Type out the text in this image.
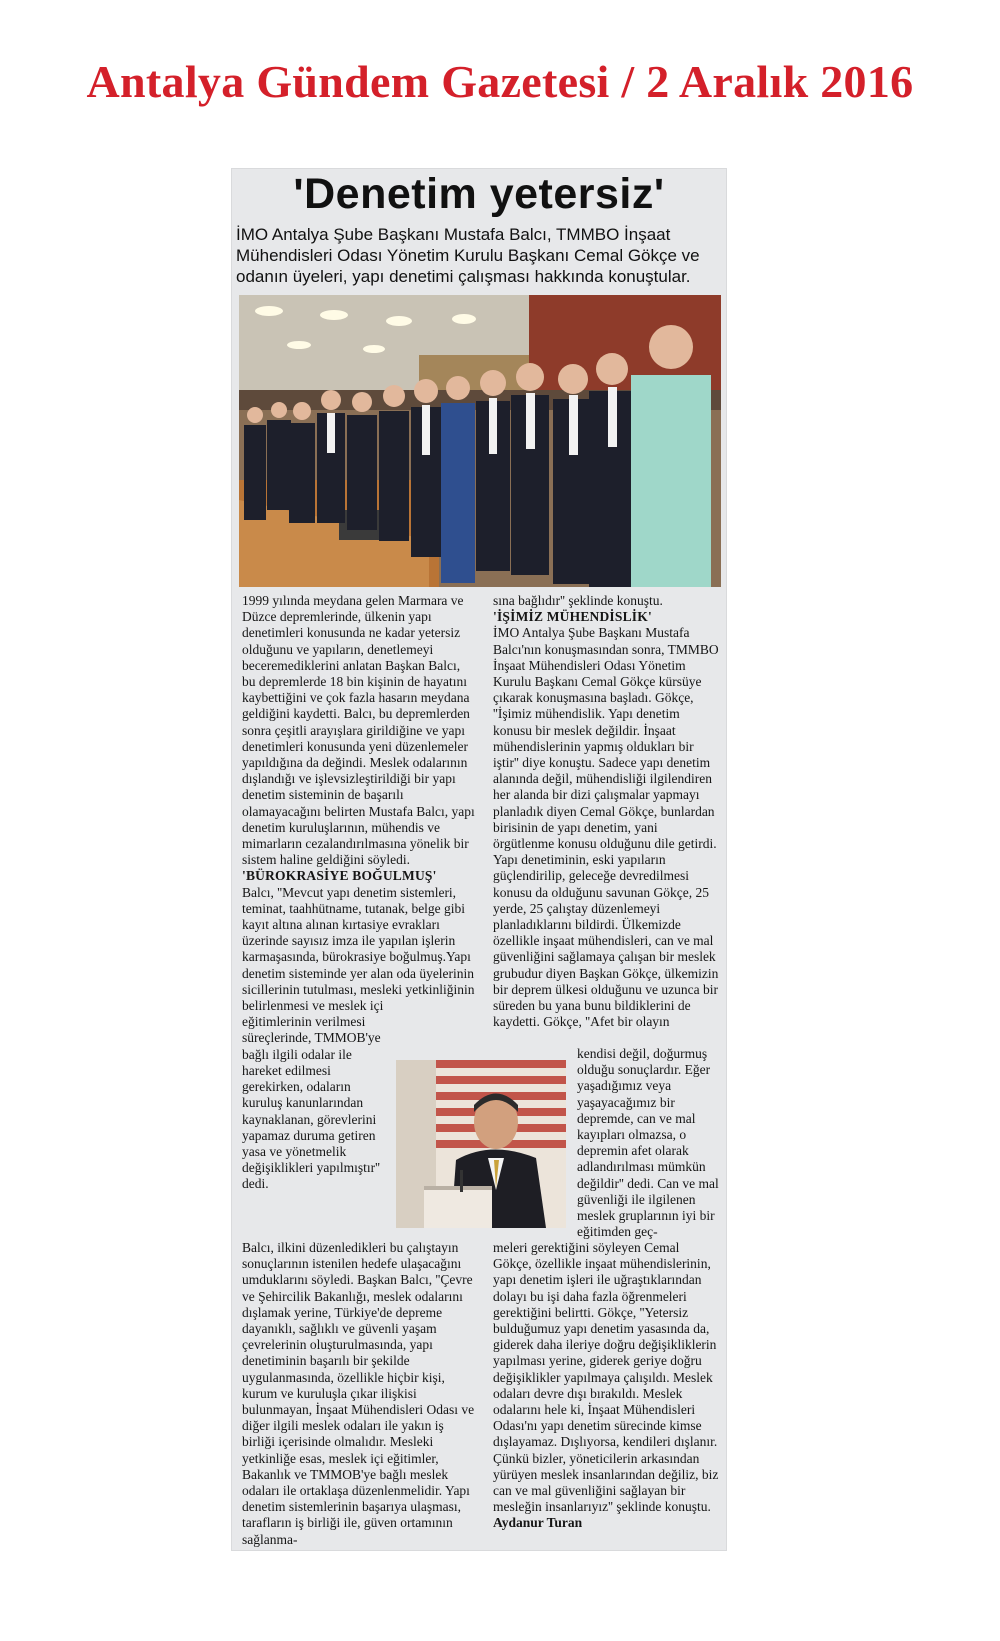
Antalya Gündem Gazetesi / 2 Aralık 2016
'Denetim yetersiz'
İMO Antalya Şube Başkanı Mustafa Balcı, TMMBO İnşaat Mühendisleri Odası Yönetim Kurulu Başkanı Cemal Gökçe ve odanın üyeleri, yapı denetimi çalışması hakkında konuştular.

1999 yılında meydana gelen Marmara ve Düzce depremlerinde, ülkenin yapı denetimleri konusunda ne kadar yetersiz olduğunu ve yapıların, denetlemeyi beceremediklerini anlatan Başkan Balcı, bu depremlerde 18 bin kişinin de hayatını kaybettiğini ve çok fazla hasarın meydana geldiğini kaydetti. Balcı, bu depremlerden sonra çeşitli arayışlara girildiğine ve yapı denetimleri konusunda yeni düzenlemeler yapıldığına da değindi. Meslek odalarının dışlandığı ve işlevsizleştirildiği bir yapı denetim sisteminin de başarılı olamayacağını belirten Mustafa Balcı, yapı denetim kuruluşlarının, mühendis ve mimarların cezalandırılmasına yönelik bir sistem haline geldiğini söyledi.

'BÜROKRASİYE BOĞULMUŞ'

Balcı, ''Mevcut yapı denetim sistemleri, teminat, taahhütname, tutanak, belge gibi kayıt altına alınan kırtasiye evrakları üzerinde sayısız imza ile yapılan işlerin karmaşasında, bürokrasiye boğulmuş.Yapı denetim sisteminde yer alan oda üyelerinin sicillerinin tutulması, mesleki yetkinliğinin belirlenmesi ve meslek içi

eğitimlerinin verilmesi süreçlerinde, TMMOB'ye bağlı ilgili odalar ile hareket edilmesi gerekirken, odaların kuruluş kanunlarından kaynaklanan, görevlerini yapamaz duruma getiren yasa ve yönetmelik değişiklikleri yapılmıştır'' dedi.

Balcı, ilkini düzenledikleri bu çalıştayın sonuçlarının istenilen hedefe ulaşacağını umduklarını söyledi. Başkan Balcı, ''Çevre ve Şehircilik Bakanlığı, meslek odalarını dışlamak yerine, Türkiye'de depreme dayanıklı, sağlıklı ve güvenli yaşam çevrelerinin oluşturulmasında, yapı denetiminin başarılı bir şekilde uygulanmasında, özellikle hiçbir kişi, kurum ve kuruluşla çıkar ilişkisi bulunmayan, İnşaat Mühendisleri Odası ve diğer ilgili meslek odaları ile yakın iş birliği içerisinde olmalıdır. Mesleki yetkinliğe esas, meslek içi eğitimler, Bakanlık ve TMMOB'ye bağlı meslek odaları ile ortaklaşa düzenlenmelidir. Yapı denetim sistemlerinin başarıya ulaşması, tarafların iş birliği ile, güven ortamının sağlanma-

sına bağlıdır'' şeklinde konuştu.

'İŞİMİZ MÜHENDİSLİK'

İMO Antalya Şube Başkanı Mustafa Balcı'nın konuşmasından sonra, TMMBO İnşaat Mühendisleri Odası Yönetim Kurulu Başkanı Cemal Gökçe kürsüye çıkarak konuşmasına başladı. Gökçe, ''İşimiz mühendislik. Yapı denetim konusu bir meslek değildir. İnşaat mühendislerinin yapmış oldukları bir iştir'' diye konuştu. Sadece yapı denetim alanında değil, mühendisliği ilgilendiren her alanda bir dizi çalışmalar yapmayı planladık diyen Cemal Gökçe, bunlardan birisinin de yapı denetim, yani örgütlenme konusu olduğunu dile getirdi. Yapı denetiminin, eski yapıların güçlendirilip, geleceğe devredilmesi konusu da olduğunu savunan Gökçe, 25 yerde, 25 çalıştay düzenlemeyi planladıklarını bildirdi. Ülkemizde özellikle inşaat mühendisleri, can ve mal güvenliğini sağlamaya çalışan bir meslek grubudur diyen Başkan Gökçe, ülkemizin bir deprem ülkesi olduğunu ve uzunca bir süreden bu yana bunu bildiklerini de kaydetti. Gökçe, ''Afet bir olayın

kendisi değil, doğurmuş olduğu sonuçlardır. Eğer yaşadığımız veya yaşayacağımız bir depremde, can ve mal kayıpları olmazsa, o depremin afet olarak adlandırılması mümkün değildir'' dedi. Can ve mal güvenliği ile ilgilenen meslek gruplarının iyi bir eğitimden geç-

meleri gerektiğini söyleyen Cemal Gökçe, özellikle inşaat mühendislerinin, yapı denetim işleri ile uğraştıklarından dolayı bu işi daha fazla öğrenmeleri gerektiğini belirtti. Gökçe, ''Yetersiz bulduğumuz yapı denetim yasasında da, giderek daha ileriye doğru değişikliklerin yapılması yerine, giderek geriye doğru değişiklikler yapılmaya çalışıldı. Meslek odaları devre dışı bırakıldı. Meslek odalarını hele ki, İnşaat Mühendisleri Odası'nı yapı denetim sürecinde kimse dışlayamaz. Dışlıyorsa, kendileri dışlanır. Çünkü bizler, yöneticilerin arkasından yürüyen meslek insanlarından değiliz, biz can ve mal güvenliğini sağlayan bir mesleğin insanlarıyız'' şeklinde konuştu.

Aydanur Turan
